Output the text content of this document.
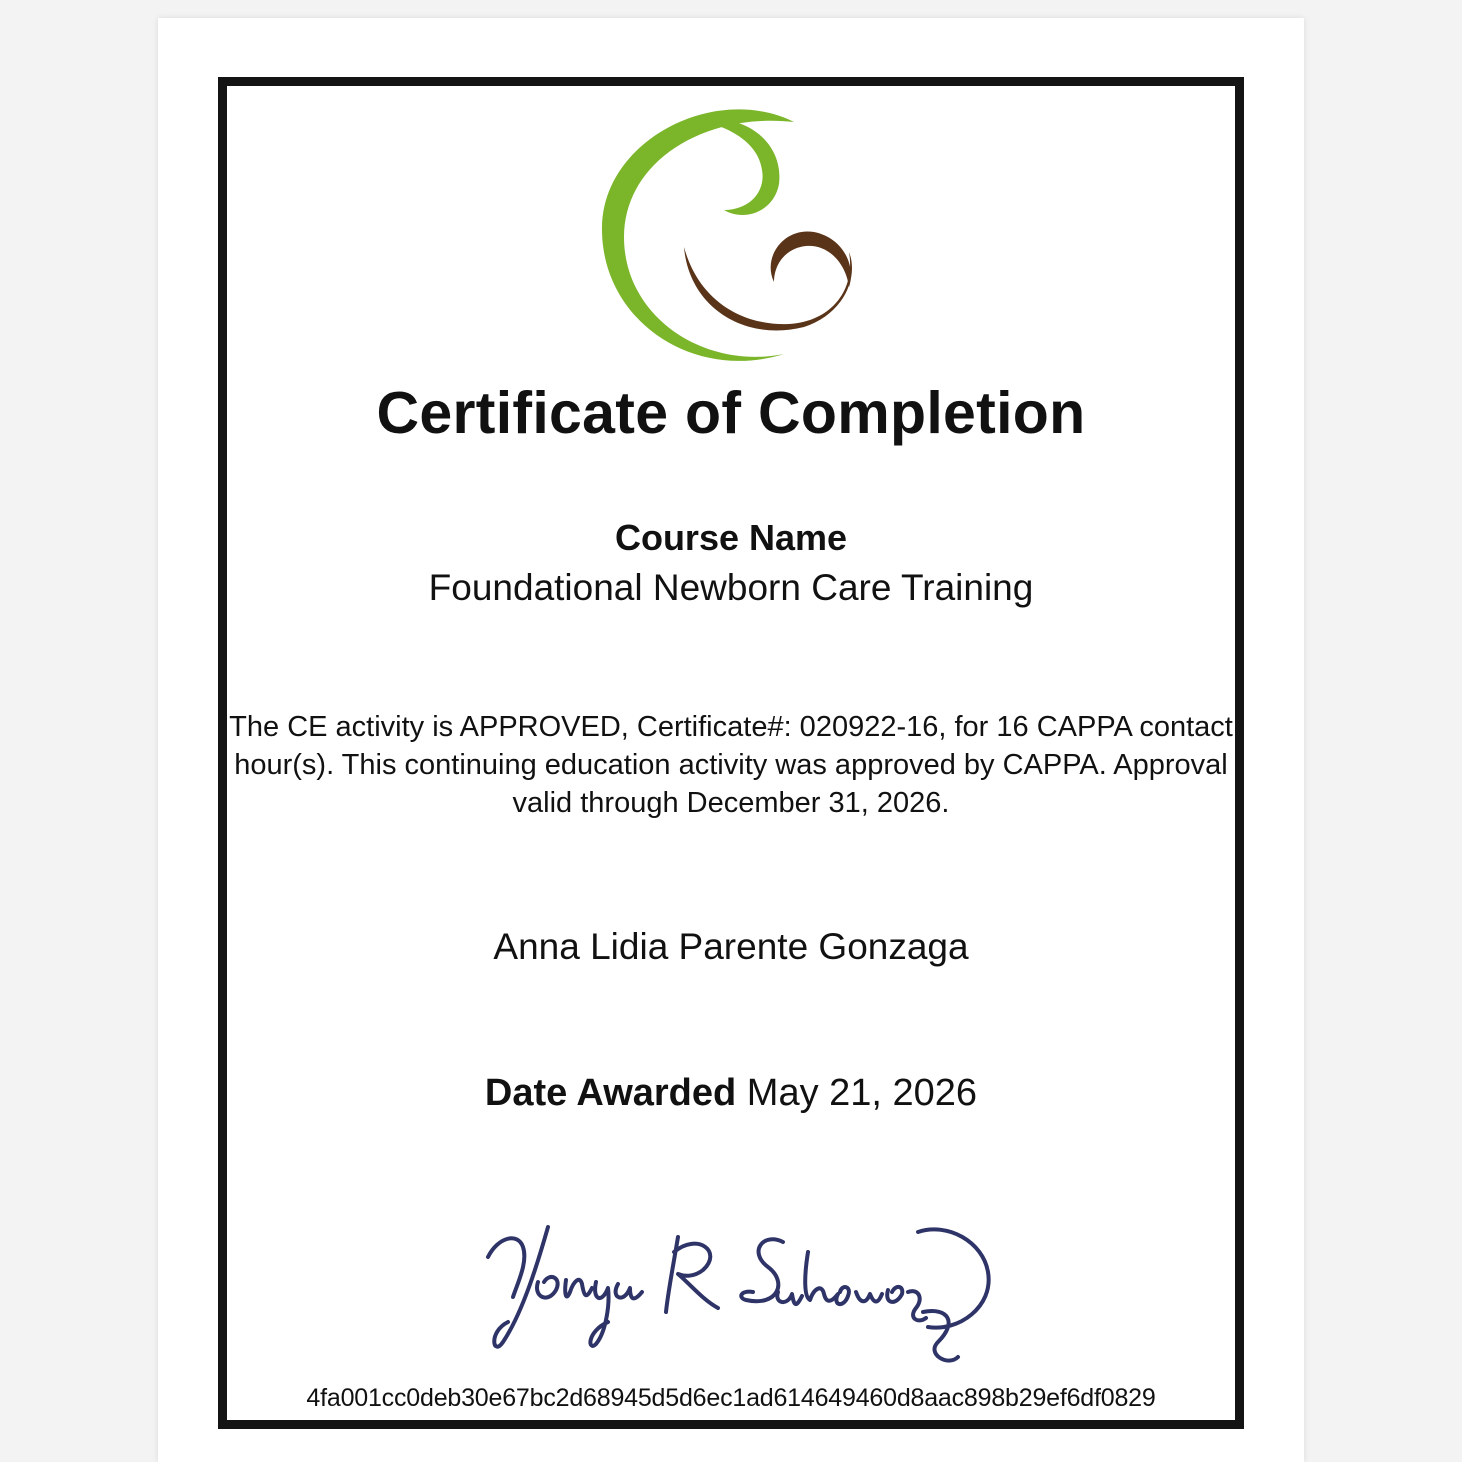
Certificate of Completion
Course Name
Foundational Newborn Care Training
The CE activity is APPROVED, Certificate#: 020922-16, for 16 CAPPA contact hour(s). This continuing education activity was approved by CAPPA. Approval valid through December 31, 2026.
Anna Lidia Parente Gonzaga
Date Awarded May 21, 2026
4fa001cc0deb30e67bc2d68945d5d6ec1ad614649460d8aac898b29ef6df0829
